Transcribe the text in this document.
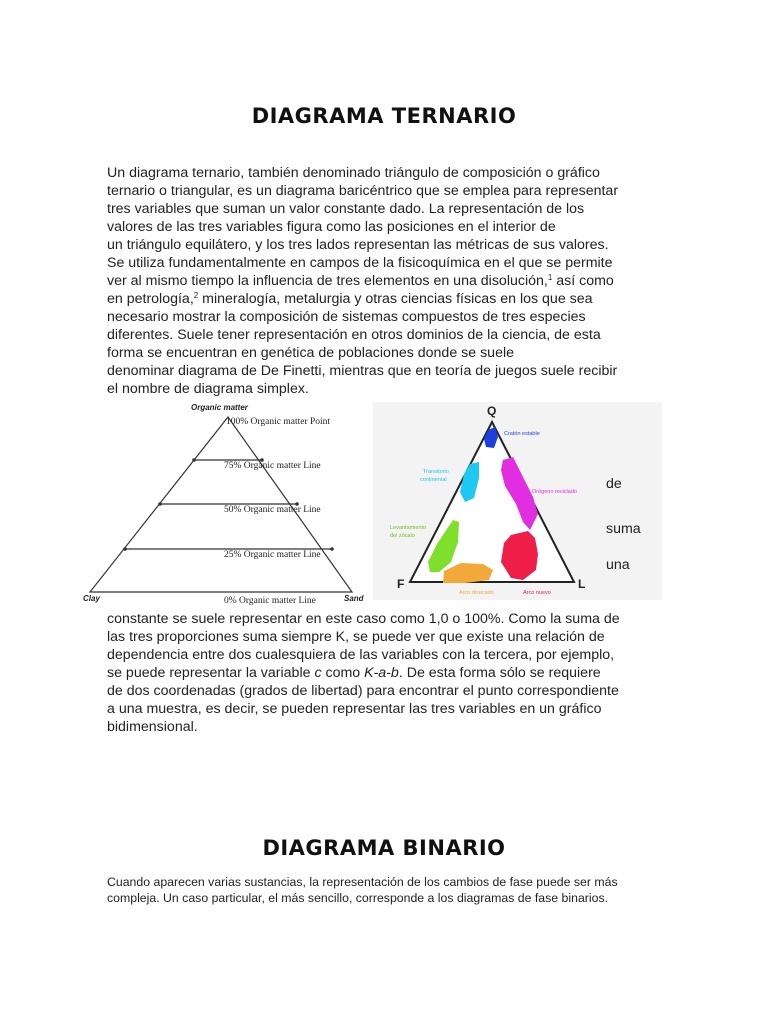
DIAGRAMA TERNARIO
Un diagrama ternario, también denominado triángulo de composición o gráfico
ternario o triangular, es un diagrama baricéntrico que se emplea para representar
tres variables que suman un valor constante dado. La representación de los
valores de las tres variables figura como las posiciones en el interior de
un triángulo equilátero, y los tres lados representan las métricas de sus valores.
Se utiliza fundamentalmente en campos de la fisicoquímica en el que se permite
ver al mismo tiempo la influencia de tres elementos en una disolución,$^1$ así como
en petrología,$^2$ mineralogía, metalurgia y otras ciencias físicas en los que sea
necesario mostrar la composición de sistemas compuestos de tres especies
diferentes. Suele tener representación en otros dominios de la ciencia, de esta
forma se encuentran en genética de poblaciones donde se suele
denominar diagrama de De Finetti, mientras que en teoría de juegos suele recibir
el nombre de diagrama simplex.
Organic matter
Clay	Sand
100% Organic matter Point
75% Organic matter Line
50% Organic matter Line
25% Organic matter Line
0% Organic matter Line
Q
F	L
Cratón estable
Transitorio
continental
Orógeno reciclado
Levantamiento
del zócalo
Arco disecado	Arco nuevo
de
suma
una
constante se suele representar en este caso como 1,0 o 100%. Como la suma de
las tres proporciones suma siempre K, se puede ver que existe una relación de
dependencia entre dos cualesquiera de las variables con la tercera, por ejemplo,
se puede representar la variable c como K-a-b. De esta forma sólo se requiere
de dos coordenadas (grados de libertad) para encontrar el punto correspondiente
a una muestra, es decir, se pueden representar las tres variables en un gráfico
bidimensional.
DIAGRAMA BINARIO
Cuando aparecen varias sustancias, la representación de los cambios de fase puede ser más
compleja. Un caso particular, el más sencillo, corresponde a los diagramas de fase binarios.
